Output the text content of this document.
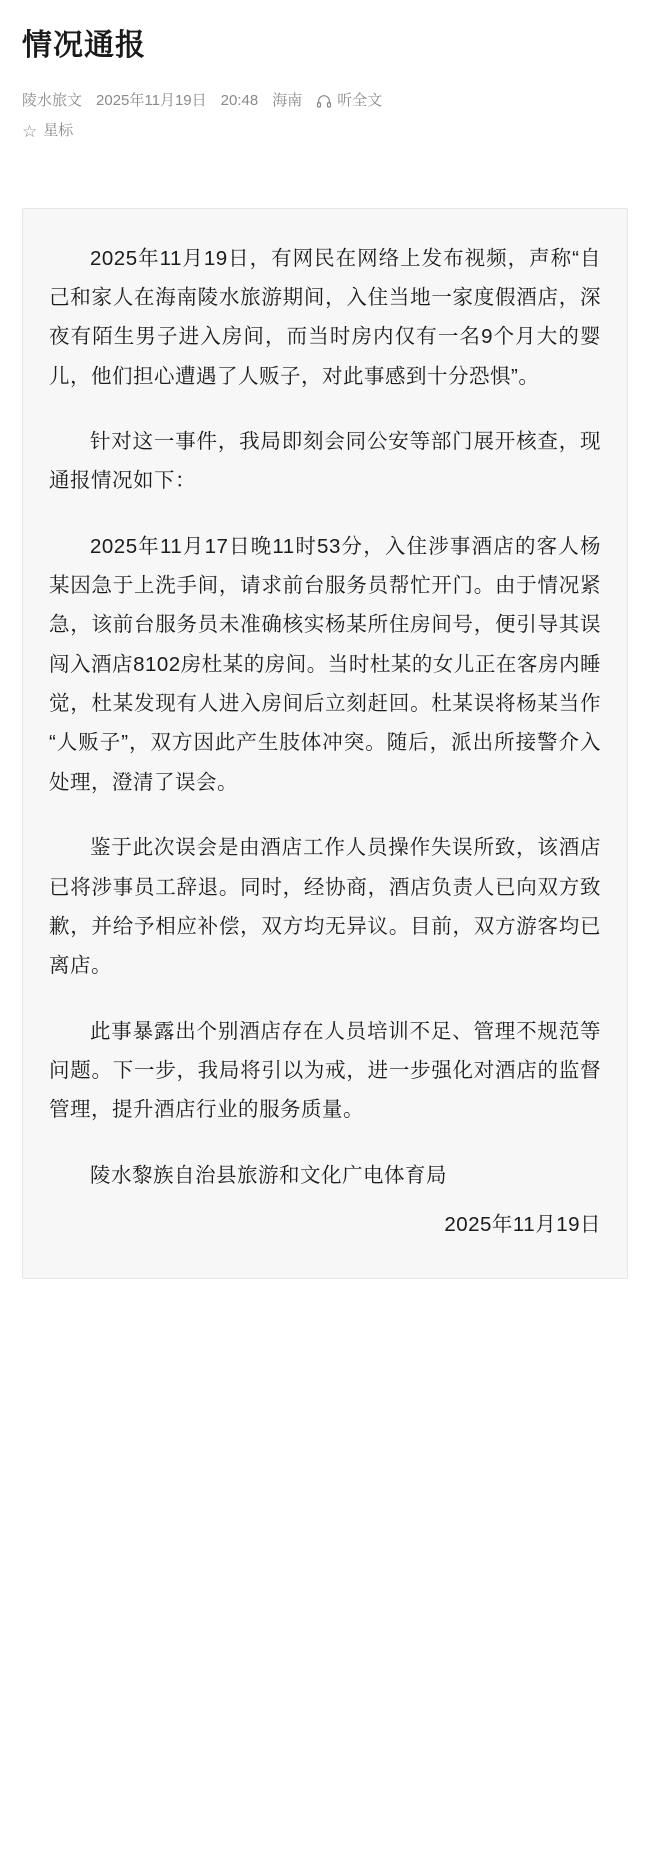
情况通报
陵水旅文 2025年11月19日 20:48 海南 听全文
☆ 星标

2025年11月19日，有网民在网络上发布视频，声称“自己和家人在海南陵水旅游期间，入住当地一家度假酒店，深夜有陌生男子进入房间，而当时房内仅有一名9个月大的婴儿，他们担心遭遇了人贩子，对此事感到十分恐惧”。

针对这一事件，我局即刻会同公安等部门展开核查，现通报情况如下：

2025年11月17日晚11时53分，入住涉事酒店的客人杨某因急于上洗手间，请求前台服务员帮忙开门。由于情况紧急，该前台服务员未准确核实杨某所住房间号，便引导其误闯入酒店8102房杜某的房间。当时杜某的女儿正在客房内睡觉，杜某发现有人进入房间后立刻赶回。杜某误将杨某当作“人贩子”，双方因此产生肢体冲突。随后，派出所接警介入处理，澄清了误会。

鉴于此次误会是由酒店工作人员操作失误所致，该酒店已将涉事员工辞退。同时，经协商，酒店负责人已向双方致歉，并给予相应补偿，双方均无异议。目前，双方游客均已离店。

此事暴露出个别酒店存在人员培训不足、管理不规范等问题。下一步，我局将引以为戒，进一步强化对酒店的监督管理，提升酒店行业的服务质量。

陵水黎族自治县旅游和文化广电体育局

2025年11月19日
